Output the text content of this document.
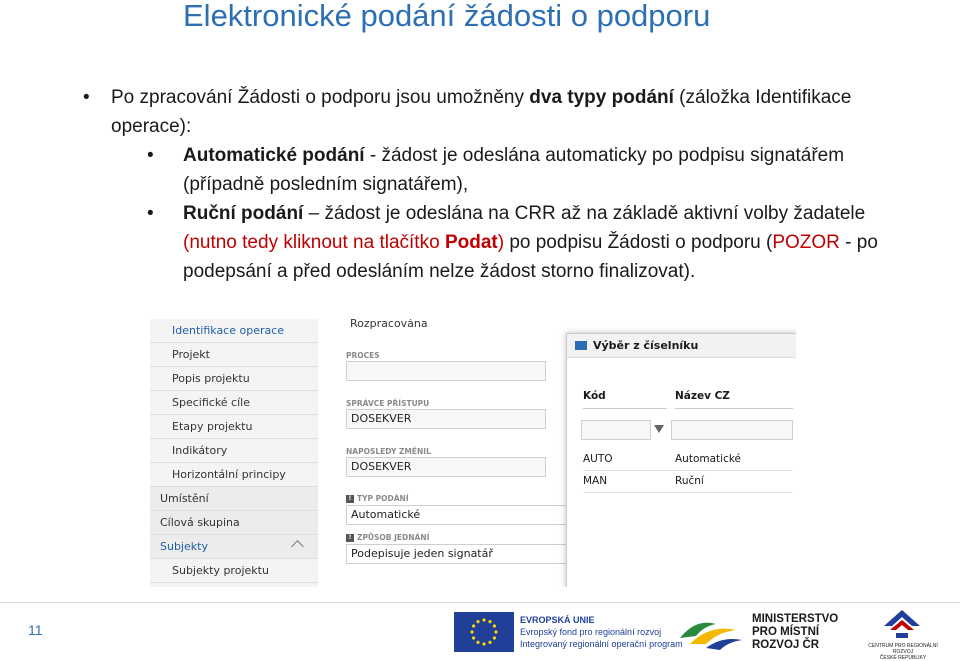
Elektronické podání žádosti o podporu
• Po zpracování Žádosti o podporu jsou umožněny dva typy podání (záložka Identifikace operace):
• Automatické podání - žádost je odeslána automaticky po podpisu signatářem (případně posledním signatářem),
• Ruční podání – žádost je odeslána na CRR až na základě aktivní volby žadatele (nutno tedy kliknout na tlačítko Podat) po podpisu Žádosti o podporu (POZOR - po podepsání a před odesláním nelze žádost storno finalizovat).
Identifikace operace
Projekt
Popis projektu
Specifické cíle
Etapy projektu
Indikátory
Horizontální principy
Umístění
Cílová skupina
Subjekty
Subjekty projektu
Rozpracována
PROCES
SPRÁVCE PŘÍSTUPU
DOSEKVER
NAPOSLEDY ZMĚNIL
DOSEKVER
! TYP PODÁNÍ
Automatické
! ZPŮSOB JEDNÁNÍ
Podepisuje jeden signatář
Výběr z číselníku
Kód	Název CZ
AUTO	Automatické
MAN	Ruční
11
EVROPSKÁ UNIE
Evropský fond pro regionální rozvoj
Integrovaný regionální operační program
MINISTERSTVO
PRO MÍSTNÍ
ROZVOJ ČR	CENTRUM PRO REGIONÁLNÍ ROZVOJ
ČESKÉ REPUBLIKY
